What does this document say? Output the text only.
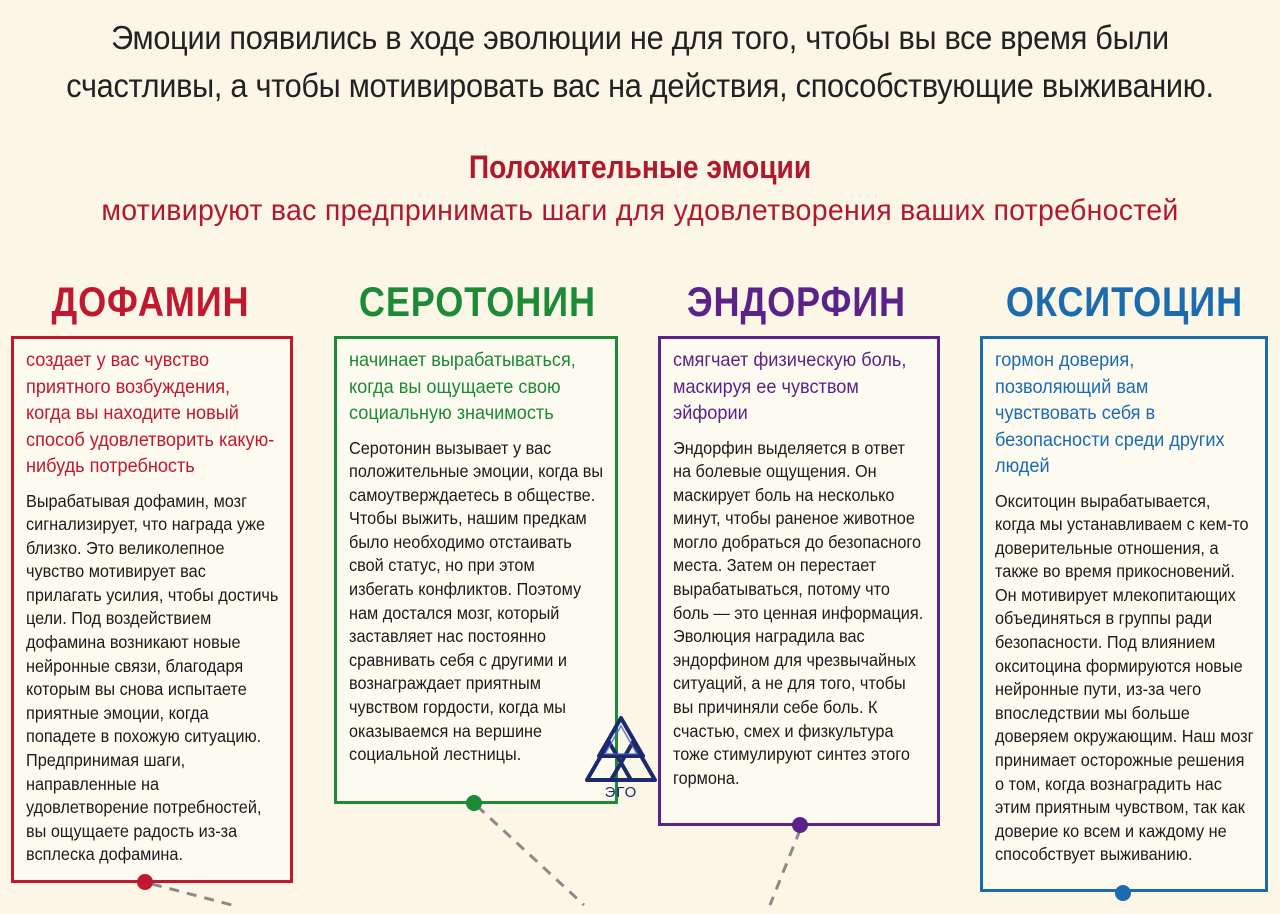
Эмоции появились в ходе эволюции не для того, чтобы вы все время были
счастливы, а чтобы мотивировать вас на действия, способствующие выживанию.
Положительные эмоции
мотивируют вас предпринимать шаги для удовлетворения ваших потребностей
ДОФАМИН	СЕРОТОНИН ЭНДОРФИН ОКСИТОЦИН

создает у вас чувство приятного возбуждения, когда вы находите новый способ удовлетворить какую-нибудь потребность

Вырабатывая дофамин, мозг сигнализирует, что награда уже близко. Это великолепное чувство мотивирует вас прилагать усилия, чтобы достичь цели. Под воздействием дофамина возникают новые нейронные связи, благодаря которым вы снова испытаете приятные эмоции, когда попадете в похожую ситуацию. Предпринимая шаги, направленные на удовлетворение потребностей, вы ощущаете радость из-за всплеска дофамина.

начинает вырабатываться, когда вы ощущаете свою социальную значимость

Серотонин вызывает у вас положительные эмоции, когда вы самоутверждаетесь в обществе. Чтобы выжить, нашим предкам было необходимо отстаивать свой статус, но при этом избегать конфликтов. Поэтому нам достался мозг, который заставляет нас постоянно сравнивать себя с другими и вознаграждает приятным чувством гордости, когда мы оказываемся на вершине социальной лестницы.

смягчает физическую боль, маскируя ее чувством эйфории

Эндорфин выделяется в ответ на болевые ощущения. Он маскирует боль на несколько минут, чтобы раненое животное могло добраться до безопасного места. Затем он перестает вырабатываться, потому что боль — это ценная информация. Эволюция наградила вас эндорфином для чрезвычайных ситуаций, а не для того, чтобы вы причиняли себе боль. К счастью, смех и физкультура тоже стимулируют синтез этого гормона.

гормон доверия, позволяющий вам чувствовать себя в безопасности среди других людей

Окситоцин вырабатывается, когда мы устанавливаем с кем-то доверительные отношения, а также во время прикосновений. Он мотивирует млекопитающих объединяться в группы ради безопасности. Под влиянием окситоцина формируются новые нейронные пути, из-за чего впоследствии мы больше доверяем окружающим. Наш мозг принимает осторожные решения о том, когда вознаградить нас этим приятным чувством, так как доверие ко всем и каждому не способствует выживанию.

ЭГО
